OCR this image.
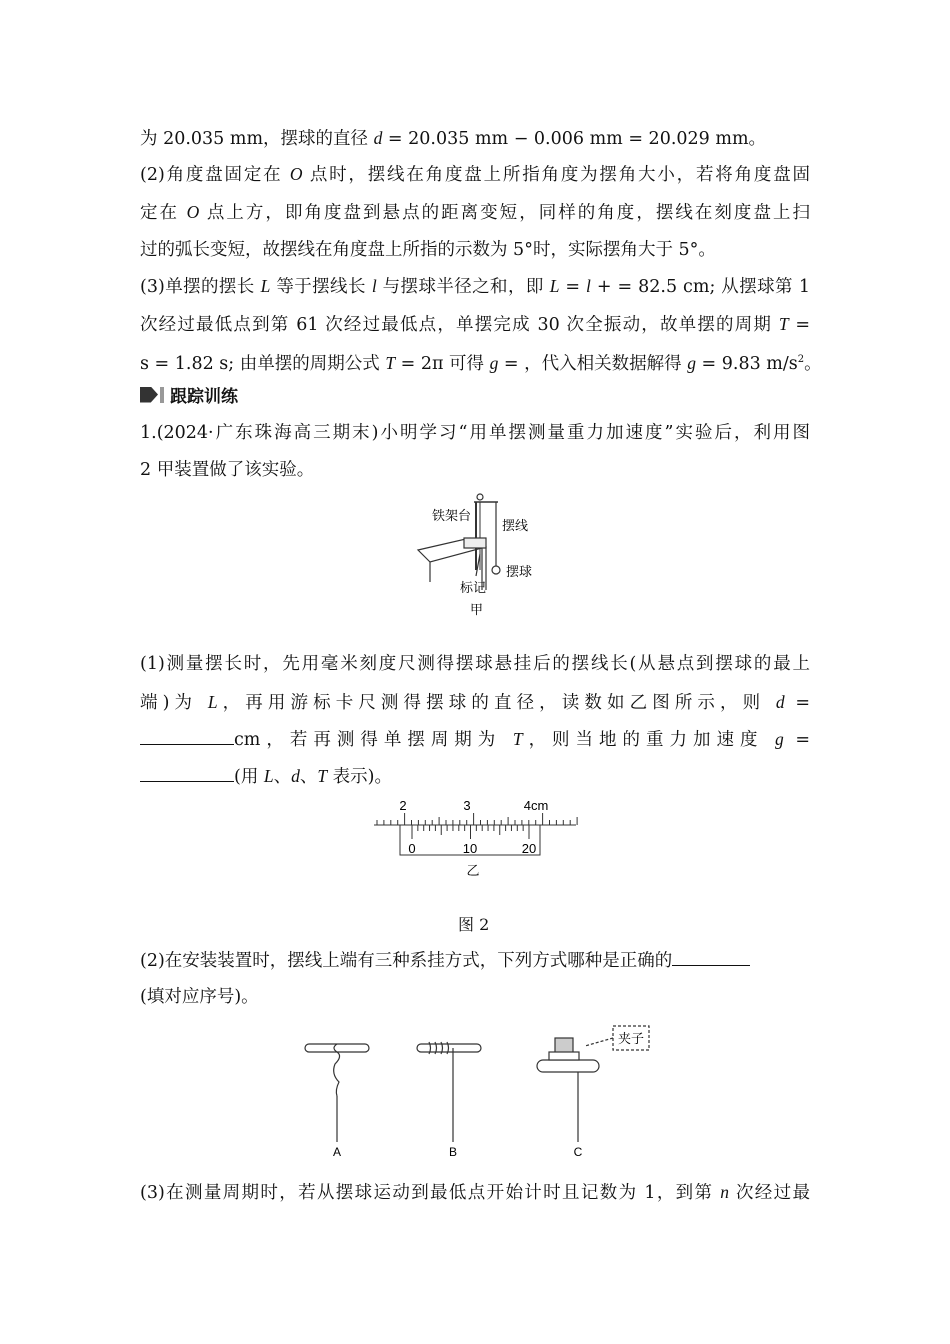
为 20.035 mm，摆球的直径 d = 20.035 mm − 0.006 mm = 20.029 mm。
(2)角度盘固定在 O 点时，摆线在角度盘上所指角度为摆角大小，若将角度盘固
定在 O 点上方，即角度盘到悬点的距离变短，同样的角度，摆线在刻度盘上扫
过的弧长变短，故摆线在角度盘上所指的示数为 5°时，实际摆角大于 5°。
(3)单摆的摆长 L 等于摆线长 l 与摆球半径之和，即 L = l + = 82.5 cm; 从摆球第 1
次经过最低点到第 61 次经过最低点，单摆完成 30 次全振动，故单摆的周期 T =
s = 1.82 s; 由单摆的周期公式 T = 2π 可得 g = ，代入相关数据解得 g = 9.83 $m/s^2$。
跟踪训练
1.(2024·广东珠海高三期末)小明学习“用单摆测量重力加速度”实验后，利用图
2 甲装置做了该实验。
铁架台
摆线
摆球
标记
甲
(1)测量摆长时，先用毫米刻度尺测得摆球悬挂后的摆线长(从悬点到摆球的最上
端)为 L，再用游标卡尺测得摆球的直径，读数如乙图所示，则 d =
cm，若再测得单摆周期为 T，则当地的重力加速度 g =
(用 L、d、T 表示)。
2	3	4cm
0	10	20
乙
图 2
(2)在安装装置时，摆线上端有三种系挂方式，下列方式哪种是正确的
(填对应序号)。
A	B	C
夹子
(3)在测量周期时，若从摆球运动到最低点开始计时且记数为 1，到第 n 次经过最
